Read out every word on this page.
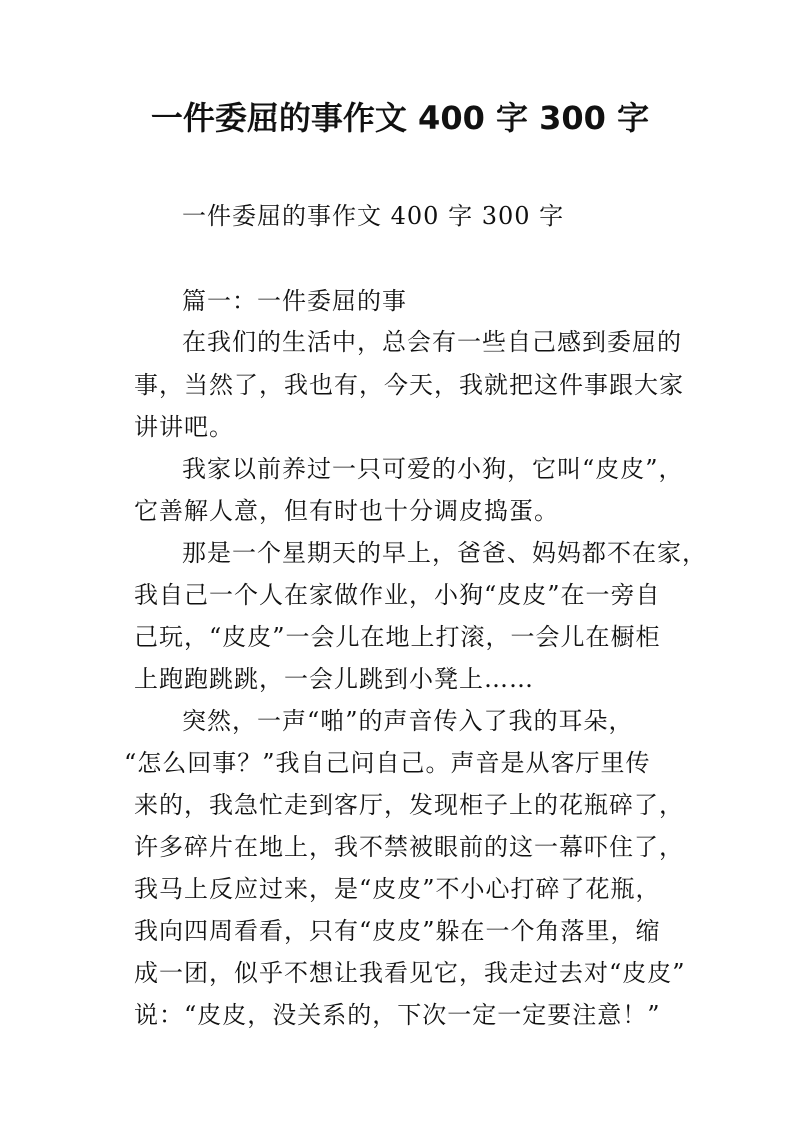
一件委屈的事作文 400 字 300 字
一件委屈的事作文 400 字 300 字
篇一：一件委屈的事
在我们的生活中，总会有一些自己感到委屈的
事，当然了，我也有，今天，我就把这件事跟大家
讲讲吧。
我家以前养过一只可爱的小狗，它叫“皮皮”，
它善解人意，但有时也十分调皮捣蛋。
那是一个星期天的早上，爸爸、妈妈都不在家，
我自己一个人在家做作业，小狗“皮皮”在一旁自
己玩，“皮皮”一会儿在地上打滚，一会儿在橱柜
上跑跑跳跳，一会儿跳到小凳上……
突然，一声“啪”的声音传入了我的耳朵，
“怎么回事？”我自己问自己。声音是从客厅里传
来的，我急忙走到客厅，发现柜子上的花瓶碎了，
许多碎片在地上，我不禁被眼前的这一幕吓住了，
我马上反应过来，是“皮皮”不小心打碎了花瓶，
我向四周看看，只有“皮皮”躲在一个角落里，缩
成一团，似乎不想让我看见它，我走过去对“皮皮”
说：“皮皮，没关系的，下次一定一定要注意！”
